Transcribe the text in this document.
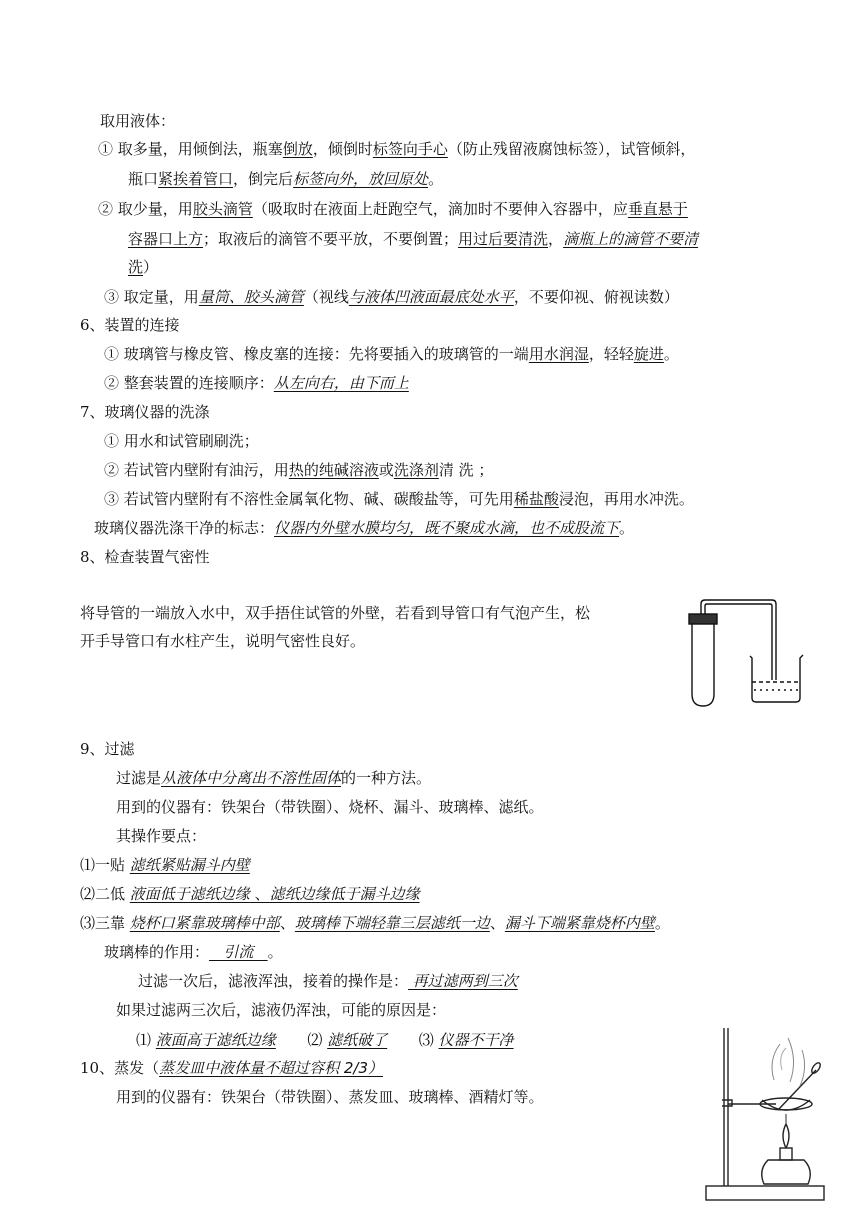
取用液体：
① 取多量，用倾倒法，瓶塞倒放，倾倒时标签向手心（防止残留液腐蚀标签），试管倾斜，
瓶口紧挨着管口，倒完后标签向外，放回原处。
② 取少量，用胶头滴管（吸取时在液面上赶跑空气，滴加时不要伸入容器中，应垂直悬于
容器口上方；取液后的滴管不要平放，不要倒置；用过后要清洗，滴瓶上的滴管不要清
洗）
③ 取定量，用量筒、胶头滴管（视线与液体凹液面最底处水平，不要仰视、俯视读数）
6、装置的连接
① 玻璃管与橡皮管、橡皮塞的连接：先将要插入的玻璃管的一端用水润湿，轻轻旋进。
② 整套装置的连接顺序：从左向右，由下而上
7、玻璃仪器的洗涤
① 用水和试管刷刷洗；
② 若试管内壁附有油污，用热的纯碱溶液或洗涤剂清 洗 ；
③ 若试管内壁附有不溶性金属氧化物、碱、碳酸盐等，可先用稀盐酸浸泡，再用水冲洗。
玻璃仪器洗涤干净的标志：仪器内外壁水膜均匀，既不聚成水滴，也不成股流下。
8、检查装置气密性
将导管的一端放入水中，双手捂住试管的外壁，若看到导管口有气泡产生，松
开手导管口有水柱产生，说明气密性良好。
9、过滤
过滤是从液体中分离出不溶性固体的一种方法。
用到的仪器有：铁架台（带铁圈）、烧杯、漏斗、玻璃棒、滤纸。
其操作要点：
⑴一贴 滤纸紧贴漏斗内壁
⑵二低 液面低于滤纸边缘 、滤纸边缘低于漏斗边缘
⑶三靠 烧杯口紧靠玻璃棒中部、玻璃棒下端轻靠三层滤纸一边、漏斗下端紧靠烧杯内壁。
玻璃棒的作用：   引流   。
过滤一次后，滤液浑浊，接着的操作是： 再过滤两到三次
如果过滤两三次后，滤液仍浑浊，可能的原因是：
⑴ 液面高于滤纸边缘 ⑵ 滤纸破了 ⑶ 仪器不干净
10、蒸发（蒸发皿中液体量不超过容积 2/3）
用到的仪器有：铁架台（带铁圈）、蒸发皿、玻璃棒、酒精灯等。
